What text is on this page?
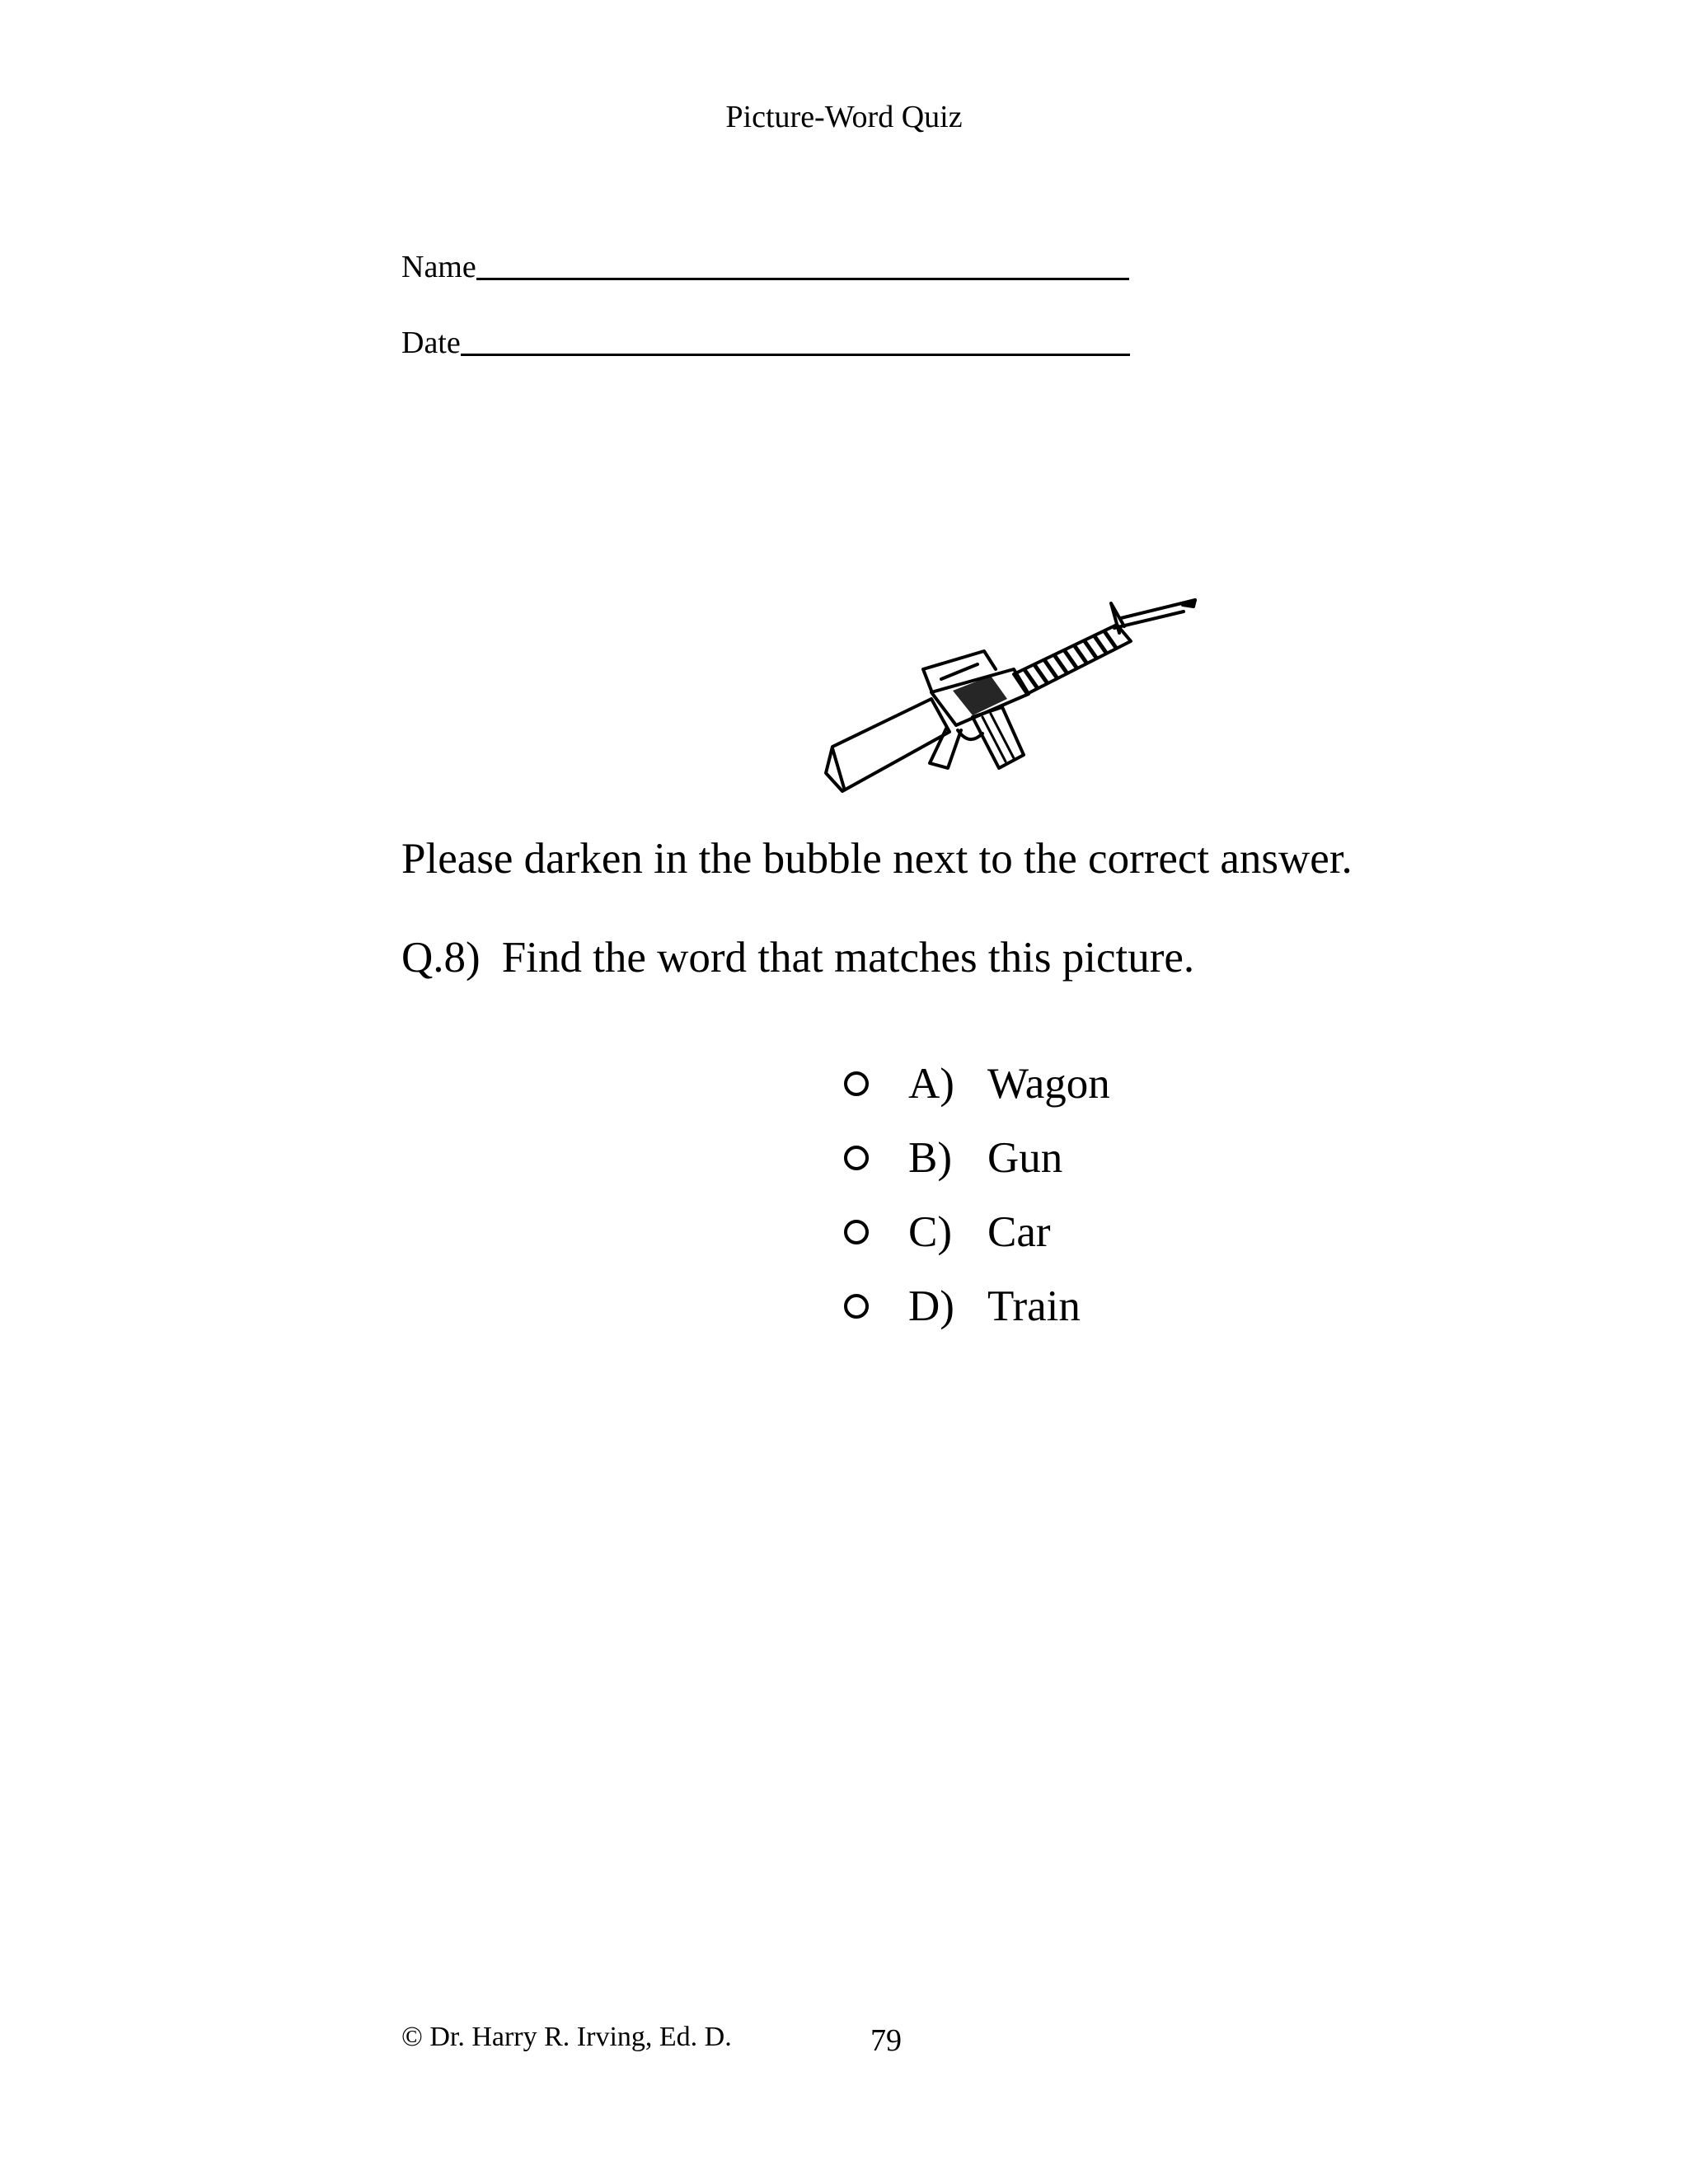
Picture-Word Quiz
Name
Date
Please darken in the bubble next to the correct answer.
Q.8) Find the word that matches this picture.
A) Wagon
B) Gun
C) Car
D) Train
© Dr. Harry R. Irving, Ed. D.	79
